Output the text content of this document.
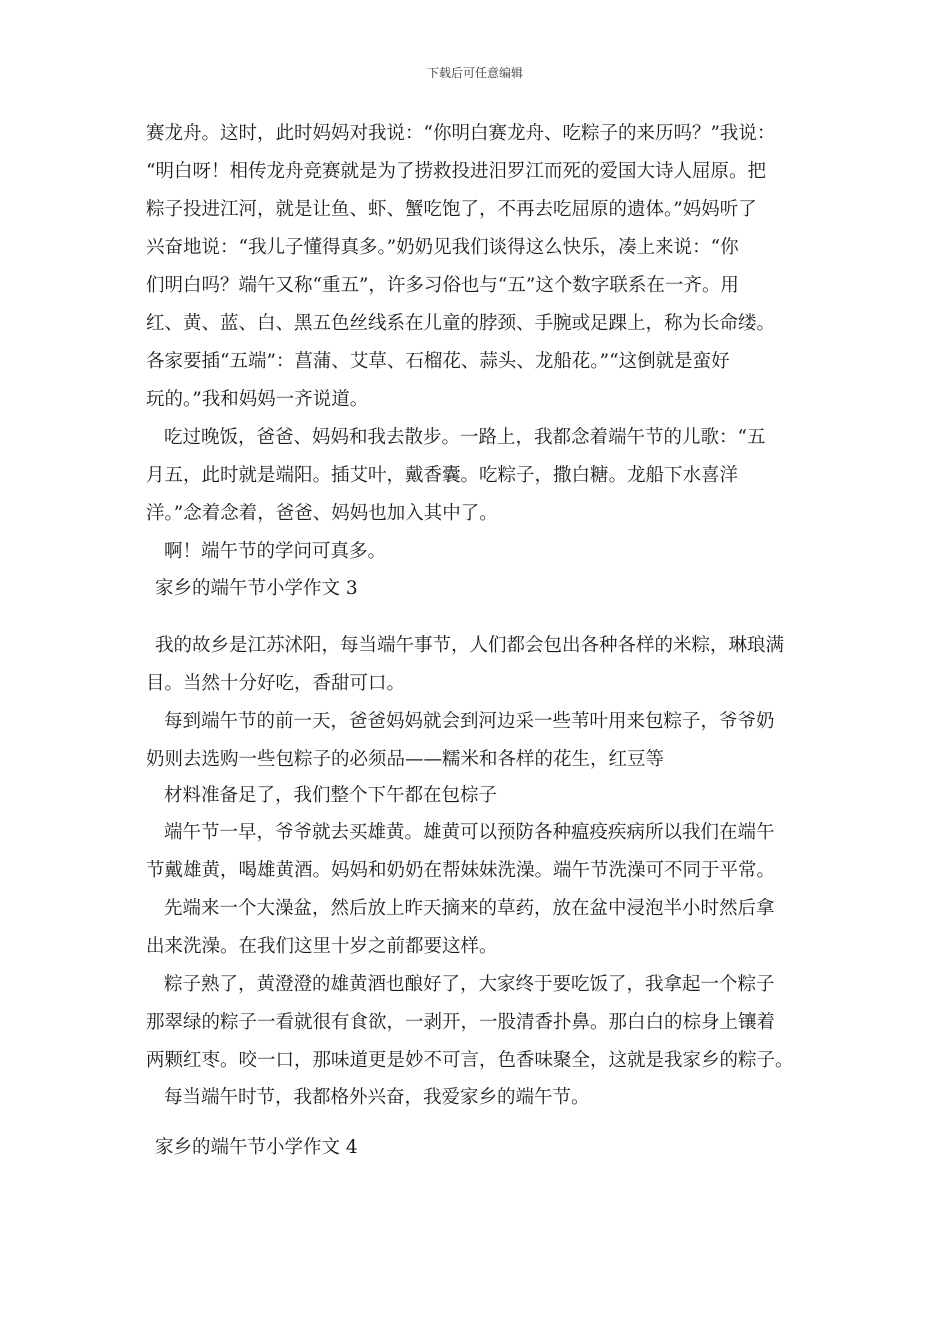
下载后可任意编辑
赛龙舟。这时，此时妈妈对我说：“你明白赛龙舟、吃粽子的来历吗？”我说：
“明白呀！相传龙舟竞赛就是为了捞救投进汨罗江而死的爱国大诗人屈原。把
粽子投进江河，就是让鱼、虾、蟹吃饱了，不再去吃屈原的遗体。”妈妈听了
兴奋地说：“我儿子懂得真多。”奶奶见我们谈得这么快乐，凑上来说：“你
们明白吗？端午又称“重五”，许多习俗也与“五”这个数字联系在一齐。用
红、黄、蓝、白、黑五色丝线系在儿童的脖颈、手腕或足踝上，称为长命缕。
各家要插“五端”：菖蒲、艾草、石榴花、蒜头、龙船花。”“这倒就是蛮好
玩的。”我和妈妈一齐说道。
吃过晚饭，爸爸、妈妈和我去散步。一路上，我都念着端午节的儿歌：“五
月五，此时就是端阳。插艾叶，戴香囊。吃粽子，撒白糖。龙船下水喜洋
洋。”念着念着，爸爸、妈妈也加入其中了。
啊！端午节的学问可真多。
家乡的端午节小学作文 3
我的故乡是江苏沭阳，每当端午事节，人们都会包出各种各样的米粽，琳琅满
目。当然十分好吃，香甜可口。
每到端午节的前一天，爸爸妈妈就会到河边采一些苇叶用来包粽子，爷爷奶
奶则去选购一些包粽子的必须品——糯米和各样的花生，红豆等
材料准备足了，我们整个下午都在包棕子
端午节一早，爷爷就去买雄黄。雄黄可以预防各种瘟疫疾病所以我们在端午
节戴雄黄，喝雄黄酒。妈妈和奶奶在帮妹妹洗澡。端午节洗澡可不同于平常。
先端来一个大澡盆，然后放上昨天摘来的草药，放在盆中浸泡半小时然后拿
出来洗澡。在我们这里十岁之前都要这样。
粽子熟了，黄澄澄的雄黄酒也酿好了，大家终于要吃饭了，我拿起一个粽子
那翠绿的粽子一看就很有食欲，一剥开，一股清香扑鼻。那白白的棕身上镶着
两颗红枣。咬一口，那味道更是妙不可言，色香味聚全，这就是我家乡的粽子。
每当端午时节，我都格外兴奋，我爱家乡的端午节。
家乡的端午节小学作文 4
